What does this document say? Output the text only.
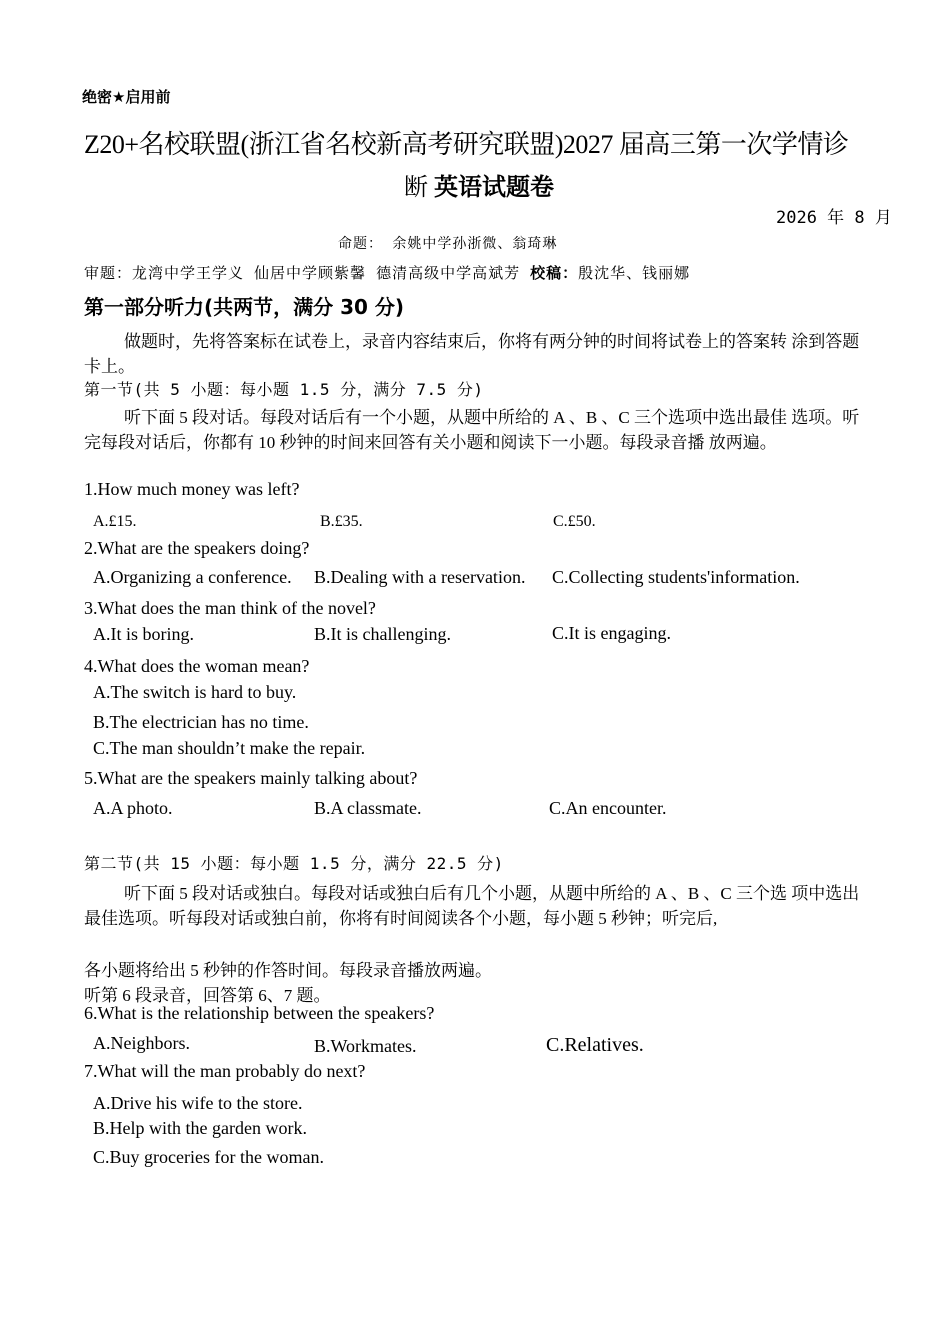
绝密★启用前
Z20+名校联盟(浙江省名校新高考研究联盟)2027 届高三第一次学情诊
断 英语试题卷
2026 年 8 月
命题： 余姚中学孙浙微、翁琦琳
审题：龙湾中学王学义 仙居中学顾紫馨 德清高级中学高斌芳 校稿：殷沈华、钱丽娜
第一部分听力(共两节，满分 30 分)
做题时，先将答案标在试卷上，录音内容结束后，你将有两分钟的时间将试卷上的答案转 涂到答题卡上。
第一节(共 5 小题：每小题 1.5 分，满分 7.5 分)
听下面 5 段对话。每段对话后有一个小题，从题中所给的 A 、B 、C 三个选项中选出最佳 选项。听完每段对话后，你都有 10 秒钟的时间来回答有关小题和阅读下一小题。每段录音播 放两遍。
1.How much money was left?
A.£15.	B.£35.	C.£50.
2.What are the speakers doing?
A.Organizing a conference. B.Dealing with a reservation. C.Collecting students'information.
3.What does the man think of the novel?
A.It is boring.	B.It is challenging.	C.It is engaging.
4.What does the woman mean?
A.The switch is hard to buy.
B.The electrician has no time.
C.The man shouldn’t make the repair.
5.What are the speakers mainly talking about?
A.A photo.	B.A classmate.	C.An encounter.
第二节(共 15 小题：每小题 1.5 分，满分 22.5 分)
听下面 5 段对话或独白。每段对话或独白后有几个小题，从题中所给的 A 、B 、C 三个选 项中选出最佳选项。听每段对话或独白前，你将有时间阅读各个小题，每小题 5 秒钟；听完后,
各小题将给出 5 秒钟的作答时间。每段录音播放两遍。
听第 6 段录音，回答第 6、7 题。
6.What is the relationship between the speakers?
A.Neighbors.	B.Workmates.	C.Relatives.
7.What will the man probably do next?
A.Drive his wife to the store.
B.Help with the garden work.
C.Buy groceries for the woman.
